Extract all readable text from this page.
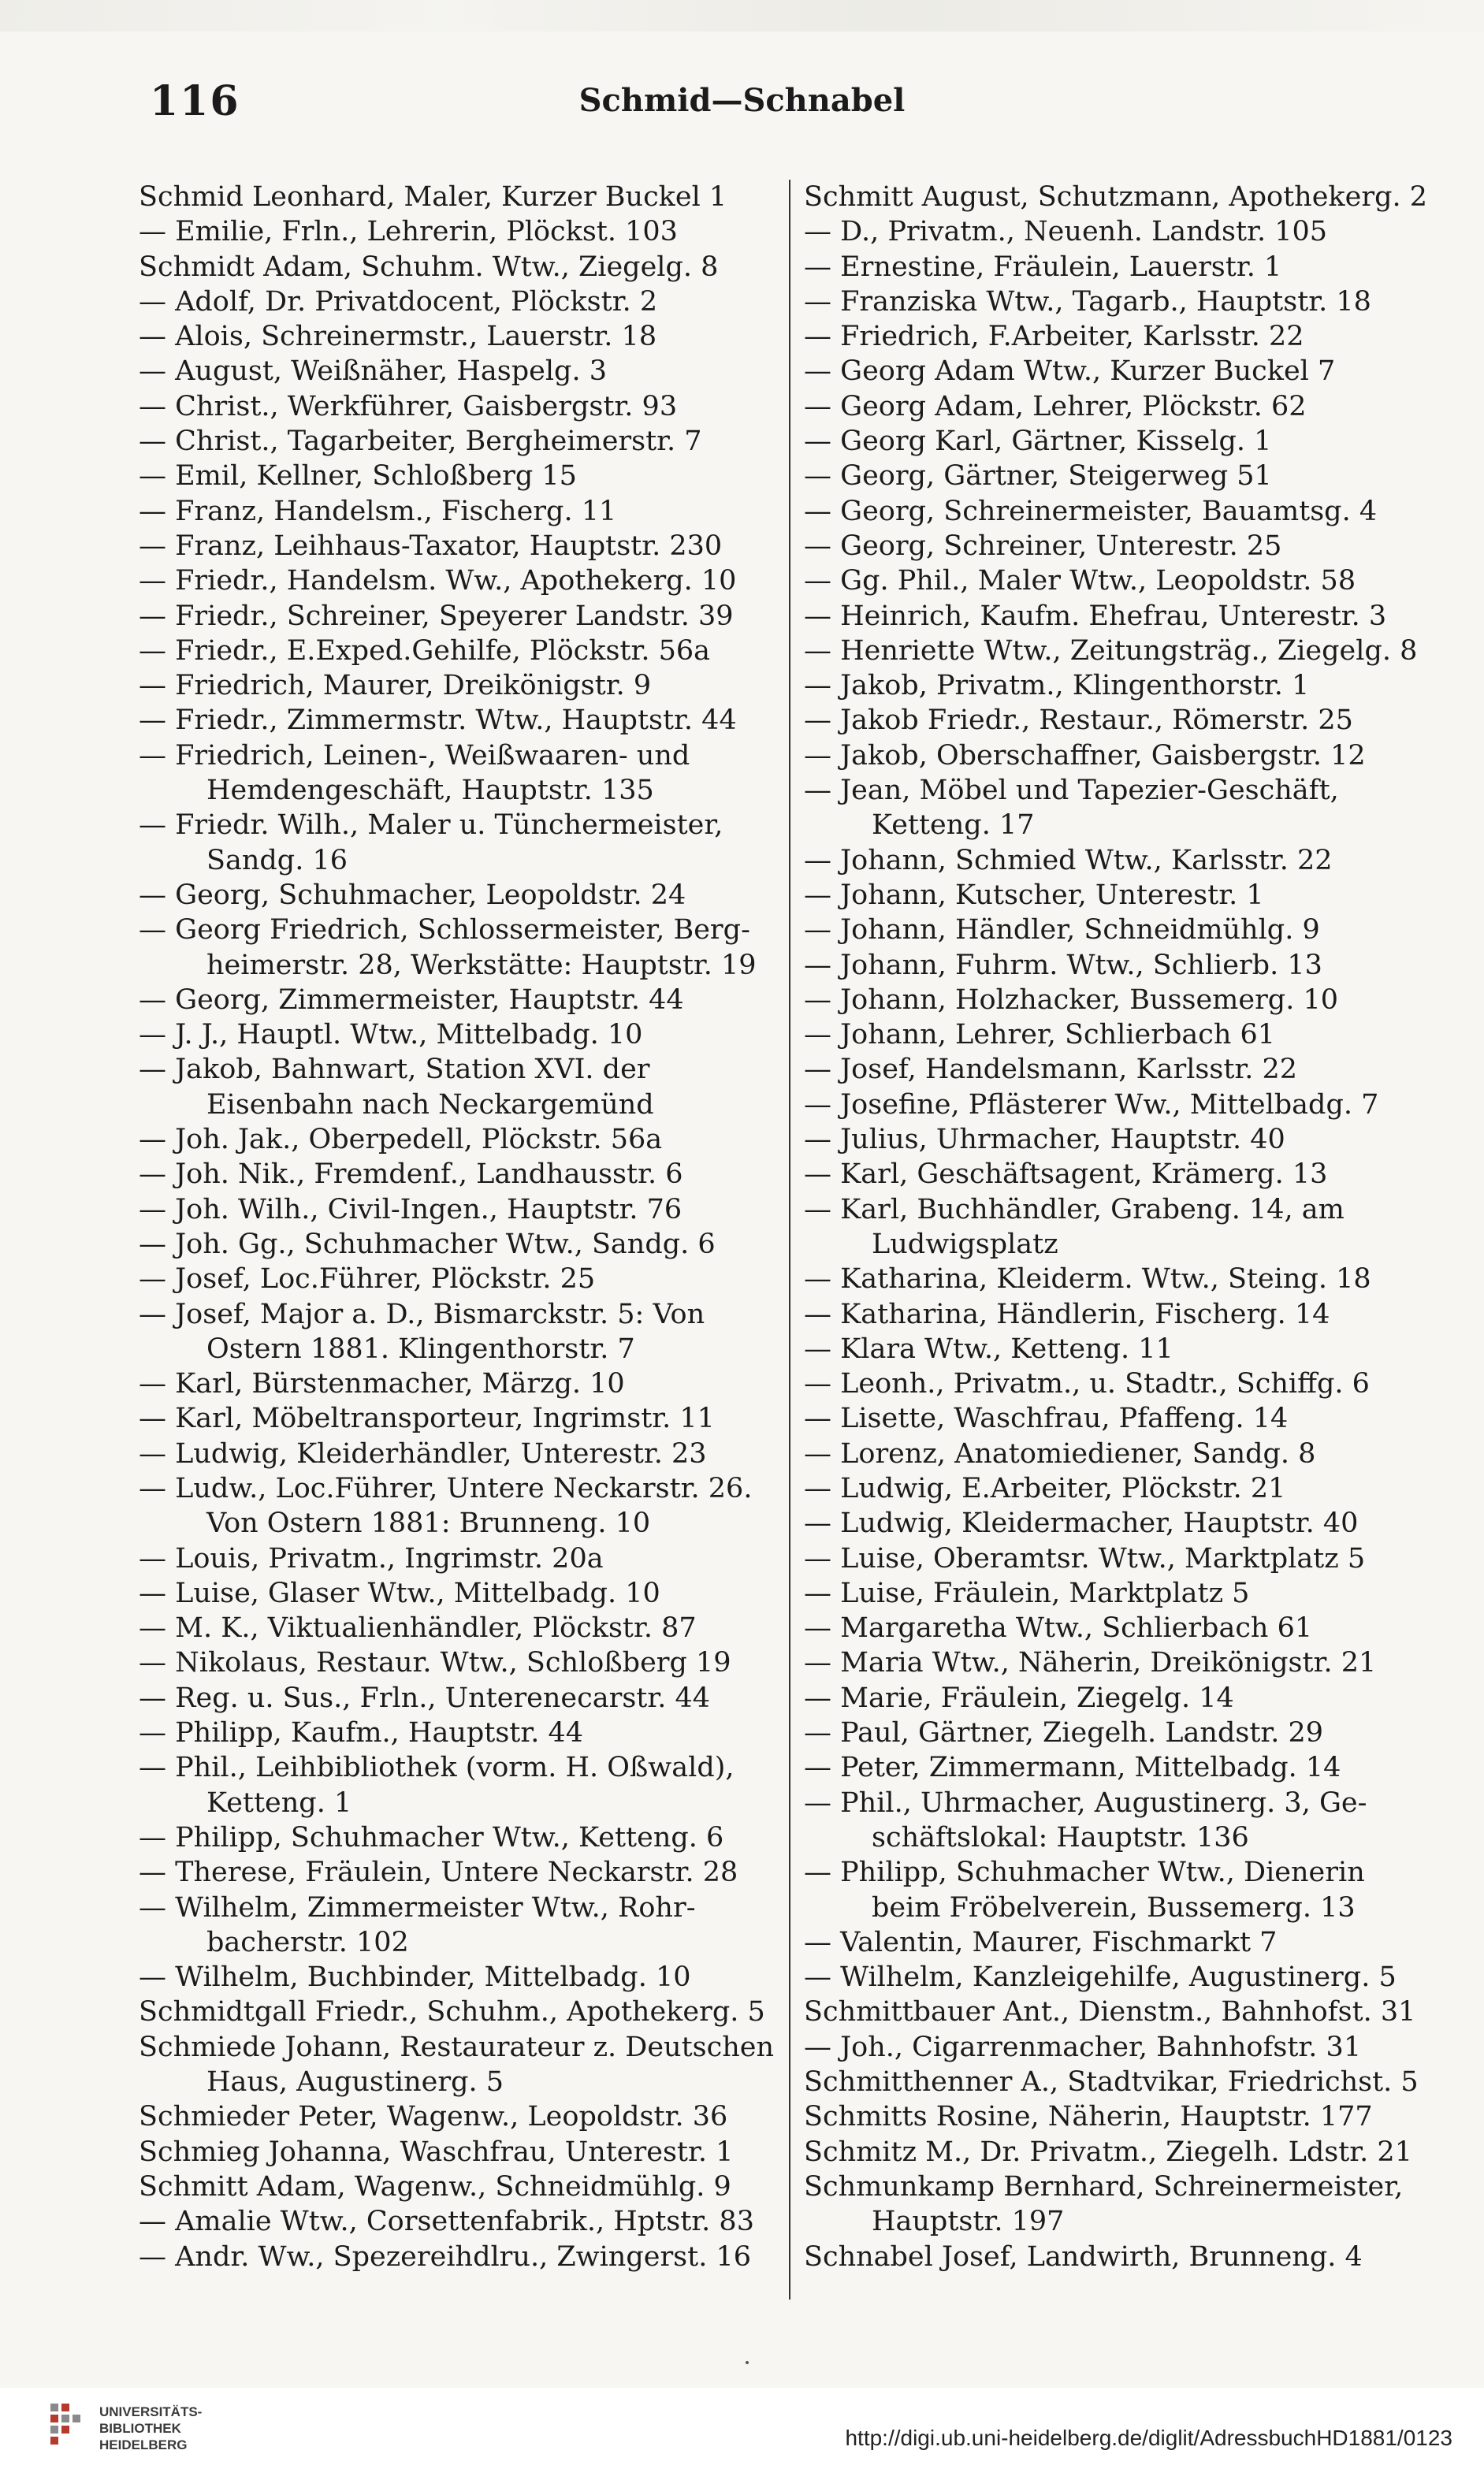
116	Schmid—Schnabel
Schmid Leonhard, Maler, Kurzer Buckel 1
— Emilie, Frln., Lehrerin, Plöckst. 103
Schmidt Adam, Schuhm. Wtw., Ziegelg. 8
— Adolf, Dr. Privatdocent, Plöckstr. 2
— Alois, Schreinermstr., Lauerstr. 18
— August, Weißnäher, Haspelg. 3
— Christ., Werkführer, Gaisbergstr. 93
— Christ., Tagarbeiter, Bergheimerstr. 7
— Emil, Kellner, Schloßberg 15
— Franz, Handelsm., Fischerg. 11
— Franz, Leihhaus-Taxator, Hauptstr. 230
— Friedr., Handelsm. Ww., Apothekerg. 10
— Friedr., Schreiner, Speyerer Landstr. 39
— Friedr., E.Exped.Gehilfe, Plöckstr. 56a
— Friedrich, Maurer, Dreikönigstr. 9
— Friedr., Zimmermstr. Wtw., Hauptstr. 44
— Friedrich, Leinen-, Weißwaaren- und
Hemdengeschäft, Hauptstr. 135
— Friedr. Wilh., Maler u. Tünchermeister,
Sandg. 16
— Georg, Schuhmacher, Leopoldstr. 24
— Georg Friedrich, Schlossermeister, Berg-
heimerstr. 28, Werkstätte: Hauptstr. 19
— Georg, Zimmermeister, Hauptstr. 44
— J. J., Hauptl. Wtw., Mittelbadg. 10
— Jakob, Bahnwart, Station XVI. der
Eisenbahn nach Neckargemünd
— Joh. Jak., Oberpedell, Plöckstr. 56a
— Joh. Nik., Fremdenf., Landhausstr. 6
— Joh. Wilh., Civil-Ingen., Hauptstr. 76
— Joh. Gg., Schuhmacher Wtw., Sandg. 6
— Josef, Loc.Führer, Plöckstr. 25
— Josef, Major a. D., Bismarckstr. 5: Von
Ostern 1881. Klingenthorstr. 7
— Karl, Bürstenmacher, Märzg. 10
— Karl, Möbeltransporteur, Ingrimstr. 11
— Ludwig, Kleiderhändler, Unterestr. 23
— Ludw., Loc.Führer, Untere Neckarstr. 26.
Von Ostern 1881: Brunneng. 10
— Louis, Privatm., Ingrimstr. 20a
— Luise, Glaser Wtw., Mittelbadg. 10
— M. K., Viktualienhändler, Plöckstr. 87
— Nikolaus, Restaur. Wtw., Schloßberg 19
— Reg. u. Sus., Frln., Unterenecarstr. 44
— Philipp, Kaufm., Hauptstr. 44
— Phil., Leihbibliothek (vorm. H. Oßwald),
Ketteng. 1
— Philipp, Schuhmacher Wtw., Ketteng. 6
— Therese, Fräulein, Untere Neckarstr. 28
— Wilhelm, Zimmermeister Wtw., Rohr-
bacherstr. 102
— Wilhelm, Buchbinder, Mittelbadg. 10
Schmidtgall Friedr., Schuhm., Apothekerg. 5
Schmiede Johann, Restaurateur z. Deutschen
Haus, Augustinerg. 5
Schmieder Peter, Wagenw., Leopoldstr. 36
Schmieg Johanna, Waschfrau, Unterestr. 1
Schmitt Adam, Wagenw., Schneidmühlg. 9
— Amalie Wtw., Corsettenfabrik., Hptstr. 83
— Andr. Ww., Spezereihdlru., Zwingerst. 16
Schmitt August, Schutzmann, Apothekerg. 2
— D., Privatm., Neuenh. Landstr. 105
— Ernestine, Fräulein, Lauerstr. 1
— Franziska Wtw., Tagarb., Hauptstr. 18
— Friedrich, F.Arbeiter, Karlsstr. 22
— Georg Adam Wtw., Kurzer Buckel 7
— Georg Adam, Lehrer, Plöckstr. 62
— Georg Karl, Gärtner, Kisselg. 1
— Georg, Gärtner, Steigerweg 51
— Georg, Schreinermeister, Bauamtsg. 4
— Georg, Schreiner, Unterestr. 25
— Gg. Phil., Maler Wtw., Leopoldstr. 58
— Heinrich, Kaufm. Ehefrau, Unterestr. 3
— Henriette Wtw., Zeitungsträg., Ziegelg. 8
— Jakob, Privatm., Klingenthorstr. 1
— Jakob Friedr., Restaur., Römerstr. 25
— Jakob, Oberschaffner, Gaisbergstr. 12
— Jean, Möbel und Tapezier-Geschäft,
Ketteng. 17
— Johann, Schmied Wtw., Karlsstr. 22
— Johann, Kutscher, Unterestr. 1
— Johann, Händler, Schneidmühlg. 9
— Johann, Fuhrm. Wtw., Schlierb. 13
— Johann, Holzhacker, Bussemerg. 10
— Johann, Lehrer, Schlierbach 61
— Josef, Handelsmann, Karlsstr. 22
— Josefine, Pflästerer Ww., Mittelbadg. 7
— Julius, Uhrmacher, Hauptstr. 40
— Karl, Geschäftsagent, Krämerg. 13
— Karl, Buchhändler, Grabeng. 14, am
Ludwigsplatz
— Katharina, Kleiderm. Wtw., Steing. 18
— Katharina, Händlerin, Fischerg. 14
— Klara Wtw., Ketteng. 11
— Leonh., Privatm., u. Stadtr., Schiffg. 6
— Lisette, Waschfrau, Pfaffeng. 14
— Lorenz, Anatomiediener, Sandg. 8
— Ludwig, E.Arbeiter, Plöckstr. 21
— Ludwig, Kleidermacher, Hauptstr. 40
— Luise, Oberamtsr. Wtw., Marktplatz 5
— Luise, Fräulein, Marktplatz 5
— Margaretha Wtw., Schlierbach 61
— Maria Wtw., Näherin, Dreikönigstr. 21
— Marie, Fräulein, Ziegelg. 14
— Paul, Gärtner, Ziegelh. Landstr. 29
— Peter, Zimmermann, Mittelbadg. 14
— Phil., Uhrmacher, Augustinerg. 3, Ge-
schäftslokal: Hauptstr. 136
— Philipp, Schuhmacher Wtw., Dienerin
beim Fröbelverein, Bussemerg. 13
— Valentin, Maurer, Fischmarkt 7
— Wilhelm, Kanzleigehilfe, Augustinerg. 5
Schmittbauer Ant., Dienstm., Bahnhofst. 31
— Joh., Cigarrenmacher, Bahnhofstr. 31
Schmitthenner A., Stadtvikar, Friedrichst. 5
Schmitts Rosine, Näherin, Hauptstr. 177
Schmitz M., Dr. Privatm., Ziegelh. Ldstr. 21
Schmunkamp Bernhard, Schreinermeister,
Hauptstr. 197
Schnabel Josef, Landwirth, Brunneng. 4
UNIVERSITÄTS-
BIBLIOTHEK
HEIDELBERG	http://digi.ub.uni-heidelberg.de/diglit/AdressbuchHD1881/0123
